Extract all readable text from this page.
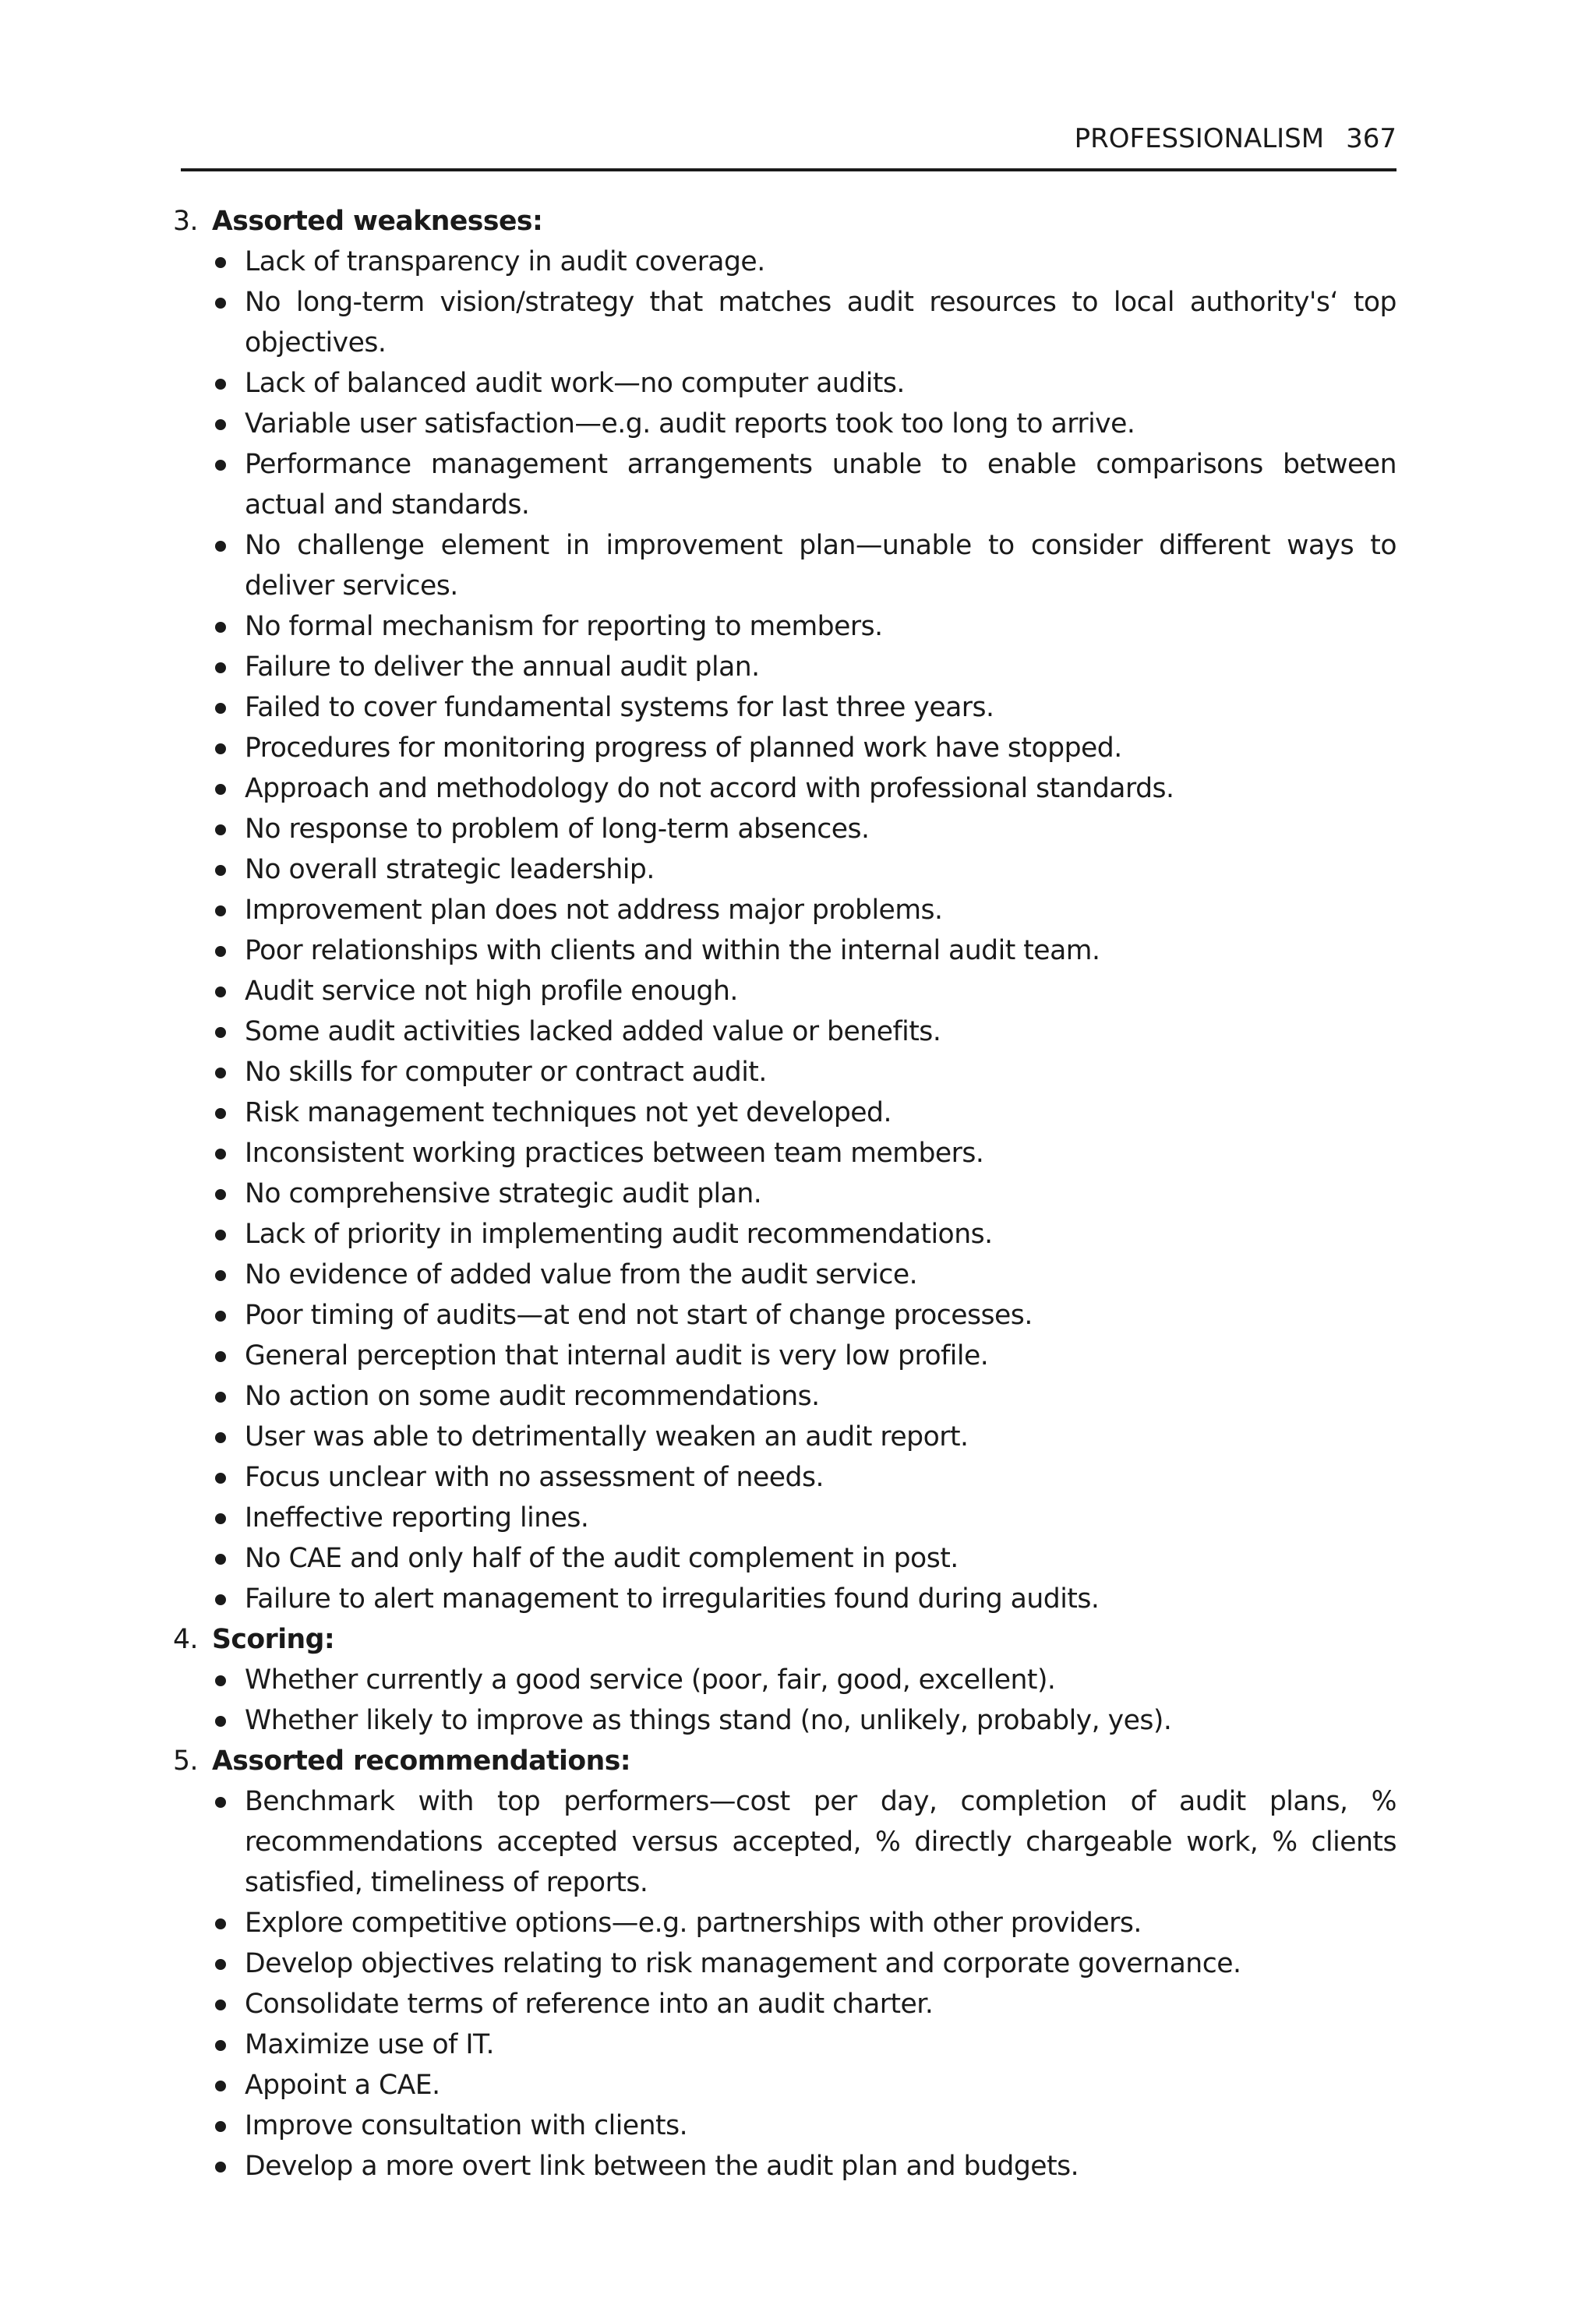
PROFESSIONALISM 367
3. Assorted weaknesses:
Lack of transparency in audit coverage.
No long-term vision/strategy that matches audit resources to local authority's‘ top objectives.
Lack of balanced audit work—no computer audits.
Variable user satisfaction—e.g. audit reports took too long to arrive.
Performance management arrangements unable to enable comparisons between actual and standards.
No challenge element in improvement plan—unable to consider different ways to deliver services.
No formal mechanism for reporting to members.
Failure to deliver the annual audit plan.
Failed to cover fundamental systems for last three years.
Procedures for monitoring progress of planned work have stopped.
Approach and methodology do not accord with professional standards.
No response to problem of long-term absences.
No overall strategic leadership.
Improvement plan does not address major problems.
Poor relationships with clients and within the internal audit team.
Audit service not high profile enough.
Some audit activities lacked added value or benefits.
No skills for computer or contract audit.
Risk management techniques not yet developed.
Inconsistent working practices between team members.
No comprehensive strategic audit plan.
Lack of priority in implementing audit recommendations.
No evidence of added value from the audit service.
Poor timing of audits—at end not start of change processes.
General perception that internal audit is very low profile.
No action on some audit recommendations.
User was able to detrimentally weaken an audit report.
Focus unclear with no assessment of needs.
Ineffective reporting lines.
No CAE and only half of the audit complement in post.
Failure to alert management to irregularities found during audits.
4. Scoring:
Whether currently a good service (poor, fair, good, excellent).
Whether likely to improve as things stand (no, unlikely, probably, yes).
5. Assorted recommendations:
Benchmark with top performers—cost per day, completion of audit plans, % recommendations accepted versus accepted, % directly chargeable work, % clients satisfied, timeliness of reports.
Explore competitive options—e.g. partnerships with other providers.
Develop objectives relating to risk management and corporate governance.
Consolidate terms of reference into an audit charter.
Maximize use of IT.
Appoint a CAE.
Improve consultation with clients.
Develop a more overt link between the audit plan and budgets.
